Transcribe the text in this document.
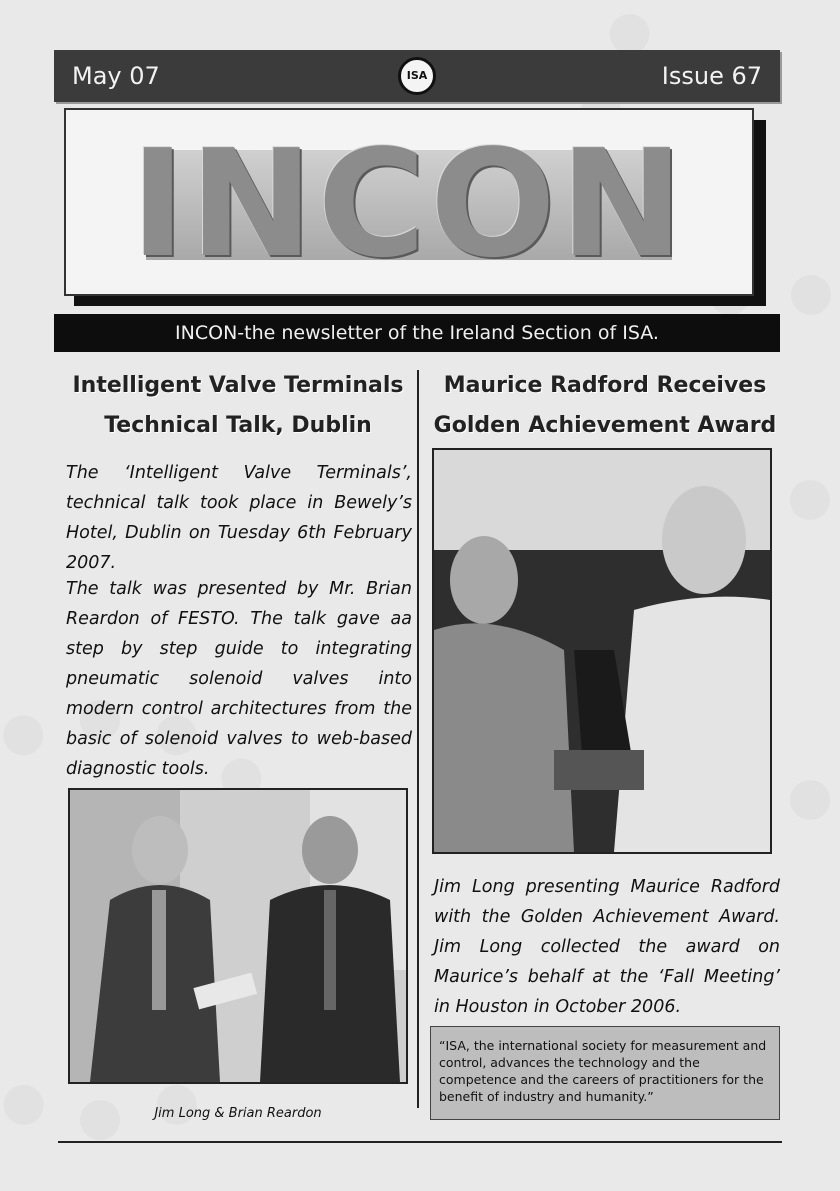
May 07	ISA	Issue 67
INCON
INCON-the newsletter of the Ireland Section of ISA.
Intelligent Valve Terminals
Technical Talk, Dublin

The ‘Intelligent Valve Terminals’, technical talk took place in Bewely’s Hotel, Dublin on Tuesday 6th February 2007.

The talk was presented by Mr. Brian Reardon of FESTO. The talk gave aa step by step guide to integrating pneumatic solenoid valves into modern control architectures from the basic of solenoid valves to web-based diagnostic tools.

Jim Long & Brian Reardon
Maurice Radford Receives
Golden Achievement Award

Jim Long presenting Maurice Radford with the Golden Achievement Award. Jim Long collected the award on Maurice’s behalf at the ‘Fall Meeting’ in Houston in October 2006.

“ISA, the international society for measurement and control, advances the technology and the competence and the careers of practitioners for the benefit of industry and humanity.”
